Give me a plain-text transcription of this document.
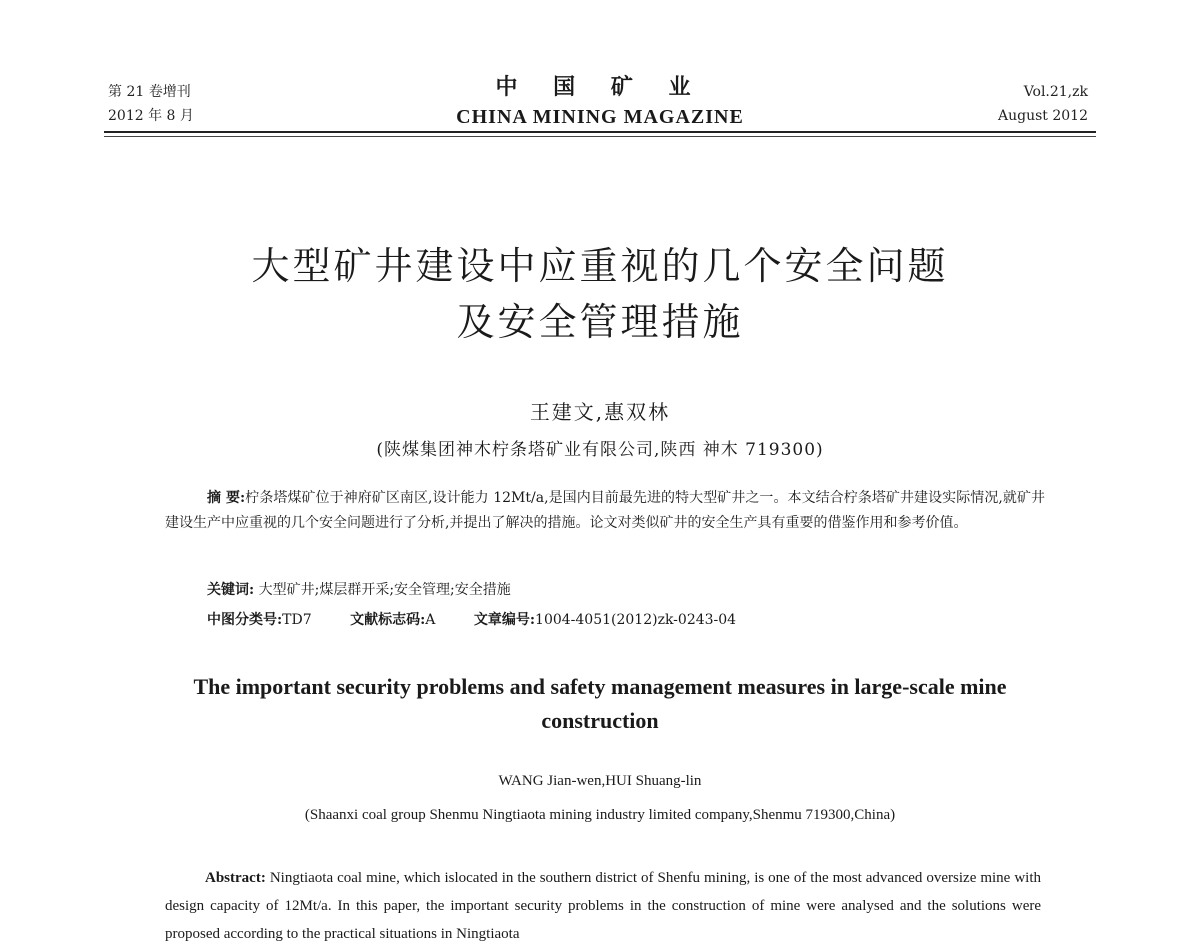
第 21 卷增刊
2012 年 8 月
中 国 矿 业
CHINA MINING MAGAZINE
Vol.21,zk
August 2012
大型矿井建设中应重视的几个安全问题
及安全管理措施
王建文,惠双林
(陕煤集团神木柠条塔矿业有限公司,陕西 神木 719300)
摘 要:柠条塔煤矿位于神府矿区南区,设计能力 12Mt/a,是国内目前最先进的特大型矿井之一。本文结合柠条塔矿井建设实际情况,就矿井建设生产中应重视的几个安全问题进行了分析,并提出了解决的措施。论文对类似矿井的安全生产具有重要的借鉴作用和参考价值。
关键词: 大型矿井;煤层群开采;安全管理;安全措施
中图分类号:TD7	文献标志码:A	文章编号:1004-4051(2012)zk-0243-04
The important security problems and safety management measures in large-scale mine construction
WANG Jian-wen,HUI Shuang-lin
(Shaanxi coal group Shenmu Ningtiaota mining industry limited company,Shenmu 719300,China)
Abstract: Ningtiaota coal mine, which islocated in the southern district of Shenfu mining, is one of the most advanced oversize mine with design capacity of 12Mt/a. In this paper, the important security problems in the construction of mine were analysed and the solutions were proposed according to the practical situations in Ningtiaota
